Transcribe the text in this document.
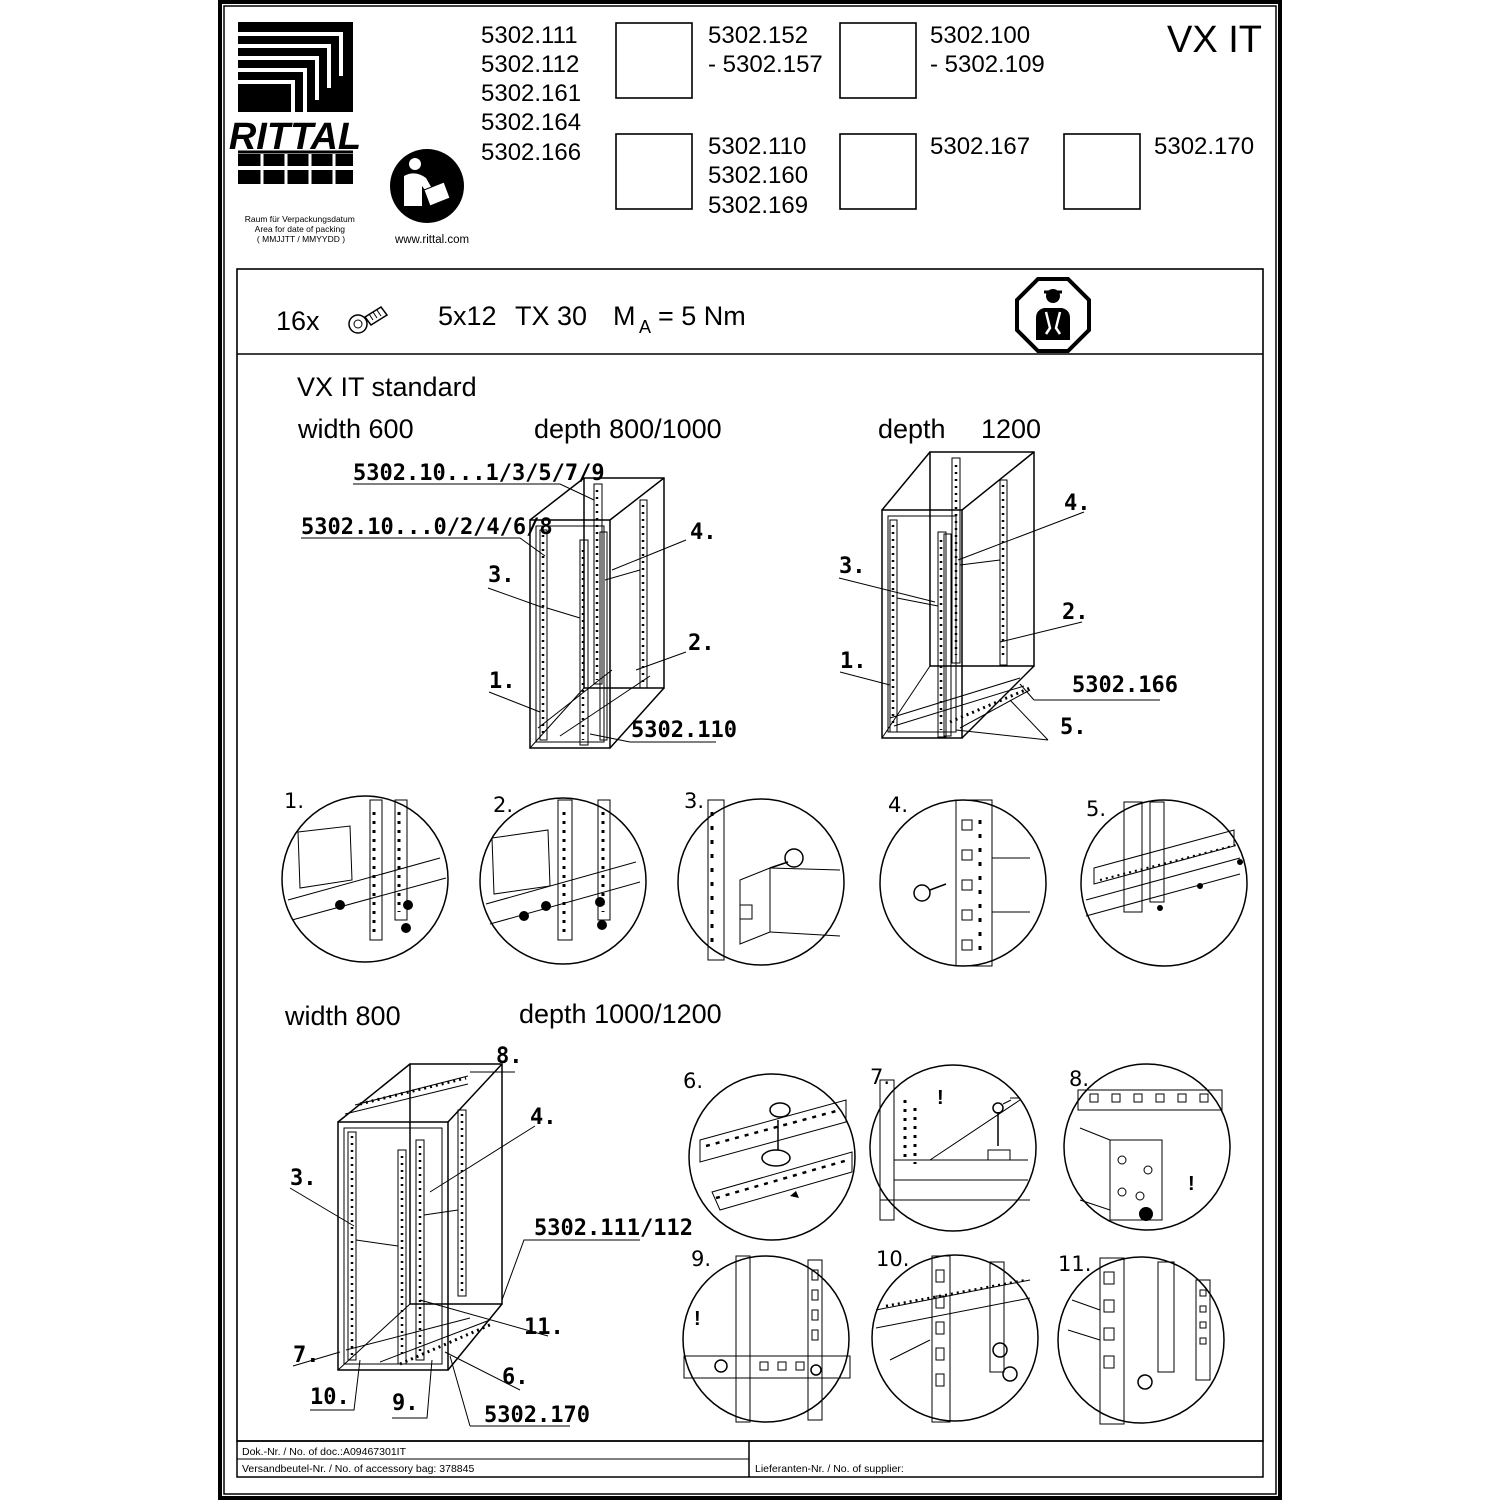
RITTAL
Raum für Verpackungsdatum Area for date of packing ( MMJJTT / MMYYDD )	www.rittal.com
5302.111
5302.112
5302.161
5302.164
5302.166
5302.152
- 5302.157
5302.100
- 5302.109
VX IT
5302.110
5302.160
5302.169
5302.167	5302.170
16x	5x12 TX 30 M A = 5 Nm
VX IT standard
width 600	depth 800/1000	depth 1200
5302.10...1/3/5/7/9
5302.10...0/2/4/6/8	4.
3.
2.
1.
5302.110
4.
3.
2.
1.
5302.166
5.
1.	2.	3.	4.	5.
width 800	depth 1000/1200
8.
4.
3.
5302.111/112
11.
7.
10. 9.
6.
5302.170
6.	7.
!
8.
!
9.
!
10.	11.
Dok.-Nr. / No. of doc.:A09467301IT
Versandbeutel-Nr. / No. of accessory bag: 378845	Lieferanten-Nr. / No. of supplier:
